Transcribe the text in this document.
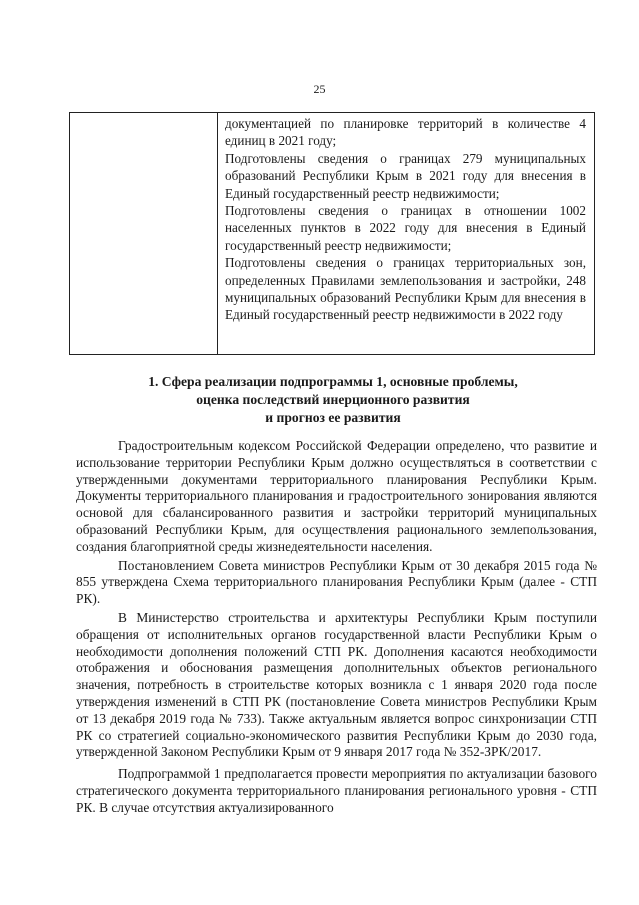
25

документацией по планировке территорий в количестве 4 единиц в 2021 году;

Подготовлены сведения о границах 279 муниципальных образований Республики Крым в 2021 году для внесения в Единый государственный реестр недвижимости;

Подготовлены сведения о границах в отношении 1002 населенных пунктов в 2022 году для внесения в Единый государственный реестр недвижимости;

Подготовлены сведения о границах территориальных зон, определенных Правилами землепользования и застройки, 248 муниципальных образований Республики Крым для внесения в Единый государственный реестр недвижимости в 2022 году

1. Сфера реализации подпрограммы 1, основные проблемы,
оценка последствий инерционного развития
и прогноз ее развития

Градостроительным кодексом Российской Федерации определено, что развитие и использование территории Республики Крым должно осуществляться в соответствии с утвержденными документами территориального планирования Республики Крым. Документы территориального планирования и градостроительного зонирования являются основой для сбалансированного развития и застройки территорий муниципальных образований Республики Крым, для осуществления рационального землепользования, создания благоприятной среды жизнедеятельности населения.

Постановлением Совета министров Республики Крым от 30 декабря 2015 года № 855 утверждена Схема территориального планирования Республики Крым (далее - СТП РК).

В Министерство строительства и архитектуры Республики Крым поступили обращения от исполнительных органов государственной власти Республики Крым о необходимости дополнения положений СТП РК. Дополнения касаются необходимости отображения и обоснования размещения дополнительных объектов регионального значения, потребность в строительстве которых возникла с 1 января 2020 года после утверждения изменений в СТП РК (постановление Совета министров Республики Крым от 13 декабря 2019 года № 733). Также актуальным является вопрос синхронизации СТП РК со стратегией социально-экономического развития Республики Крым до 2030 года, утвержденной Законом Республики Крым от 9 января 2017 года № 352-ЗРК/2017.

Подпрограммой 1 предполагается провести мероприятия по актуализации базового стратегического документа территориального планирования регионального уровня - СТП РК. В случае отсутствия актуализированного
